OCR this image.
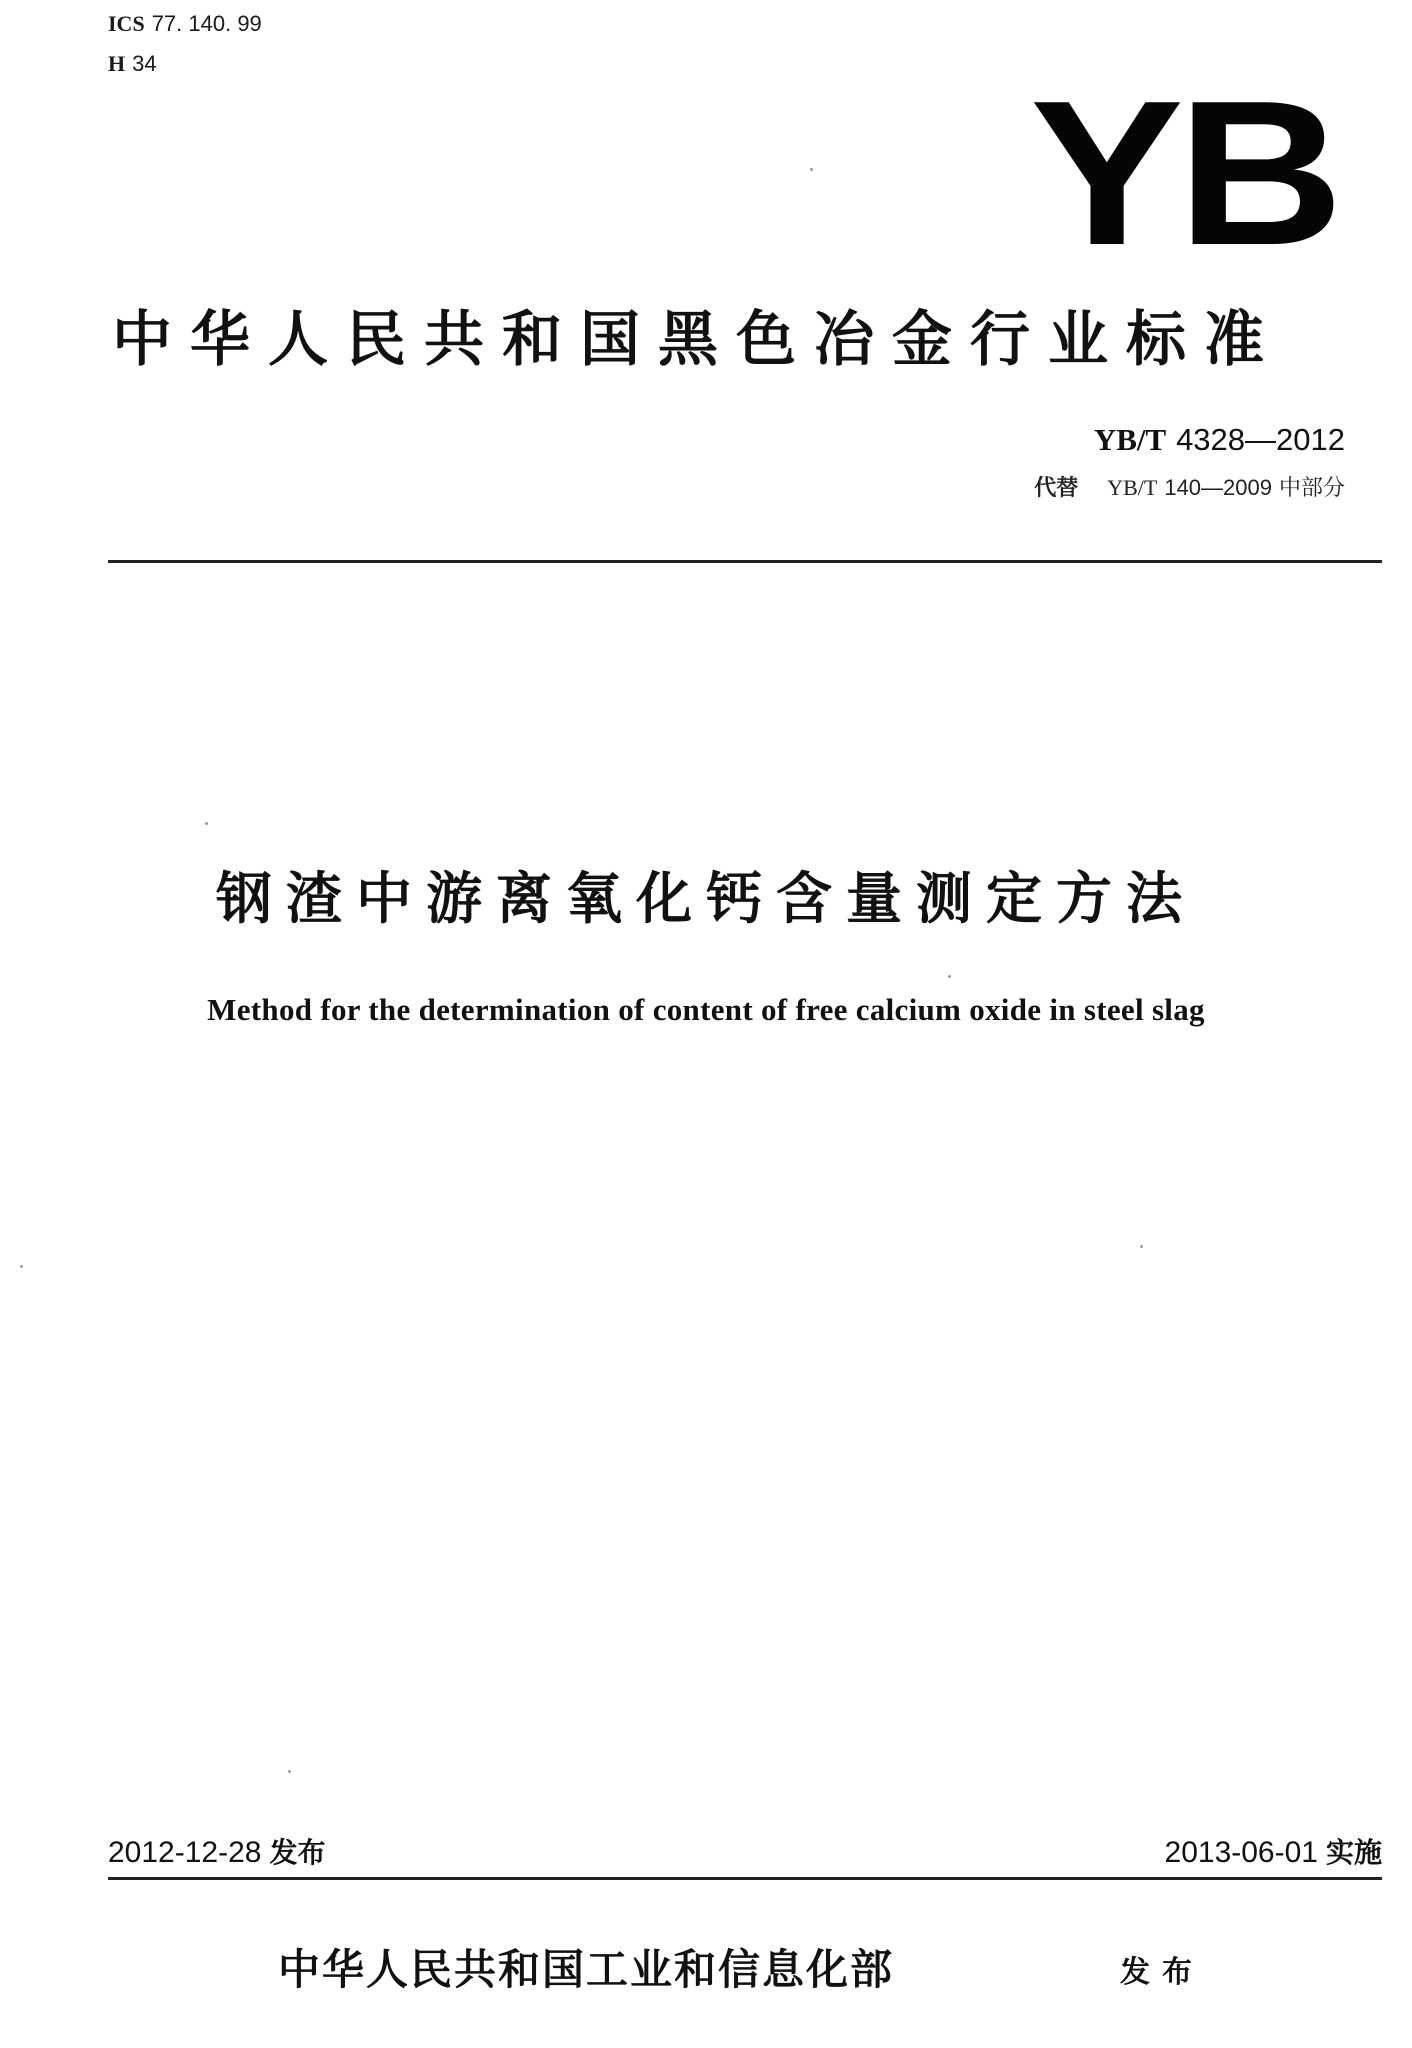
ICS 77. 140. 99
H 34	YB
中华人民共和国黑色冶金行业标准
YB/T 4328—2012
代替 YB/T 140—2009 中部分
钢渣中游离氧化钙含量测定方法
Method for the determination of content of free calcium oxide in steel slag
2012-12-28 发布	2013-06-01 实施
中华人民共和国工业和信息化部	发布
